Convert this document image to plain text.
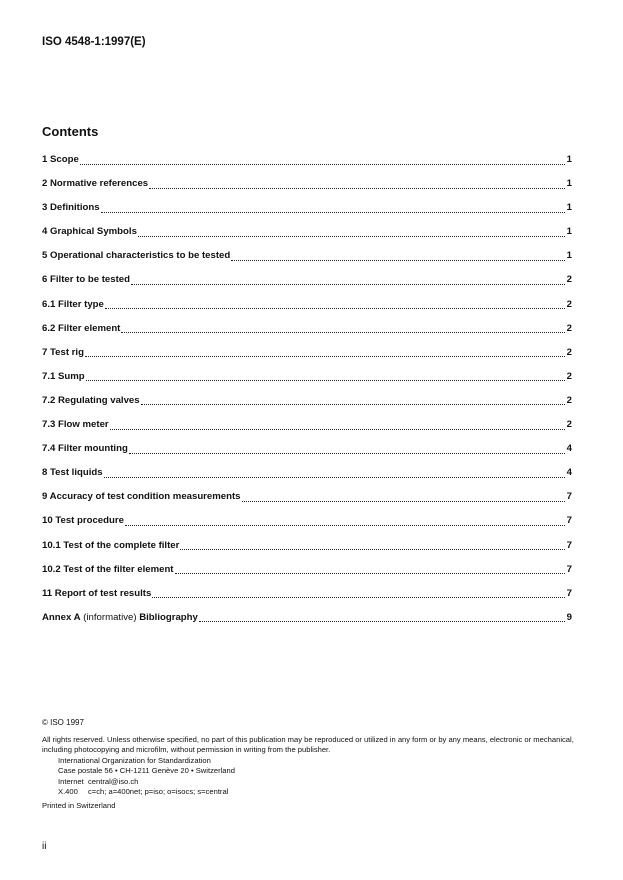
ISO 4548-1:1997(E)
Contents
1 Scope	1
2 Normative references	1
3 Definitions	1
4 Graphical Symbols	1
5 Operational characteristics to be tested	1
6 Filter to be tested	2
6.1 Filter type	2
6.2 Filter element	2
7 Test rig	2
7.1 Sump	2
7.2 Regulating valves	2
7.3 Flow meter	2
7.4 Filter mounting	4
8 Test liquids	4
9 Accuracy of test condition measurements	7
10 Test procedure	7
10.1 Test of the complete filter	7
10.2 Test of the filter element	7
11 Report of test results	7
Annex A (informative) Bibliography	9
© ISO 1997
All rights reserved. Unless otherwise specified, no part of this publication may be reproduced or utilized in any form or by any means, electronic or mechanical, including photocopying and microfilm, without permission in writing from the publisher.
International Organization for Standardization
Case postale 56 • CH-1211 Genève 20 • Switzerland
Internet central@iso.ch
X.400	c=ch; a=400net; p=iso; o=isocs; s=central
Printed in Switzerland
ii
